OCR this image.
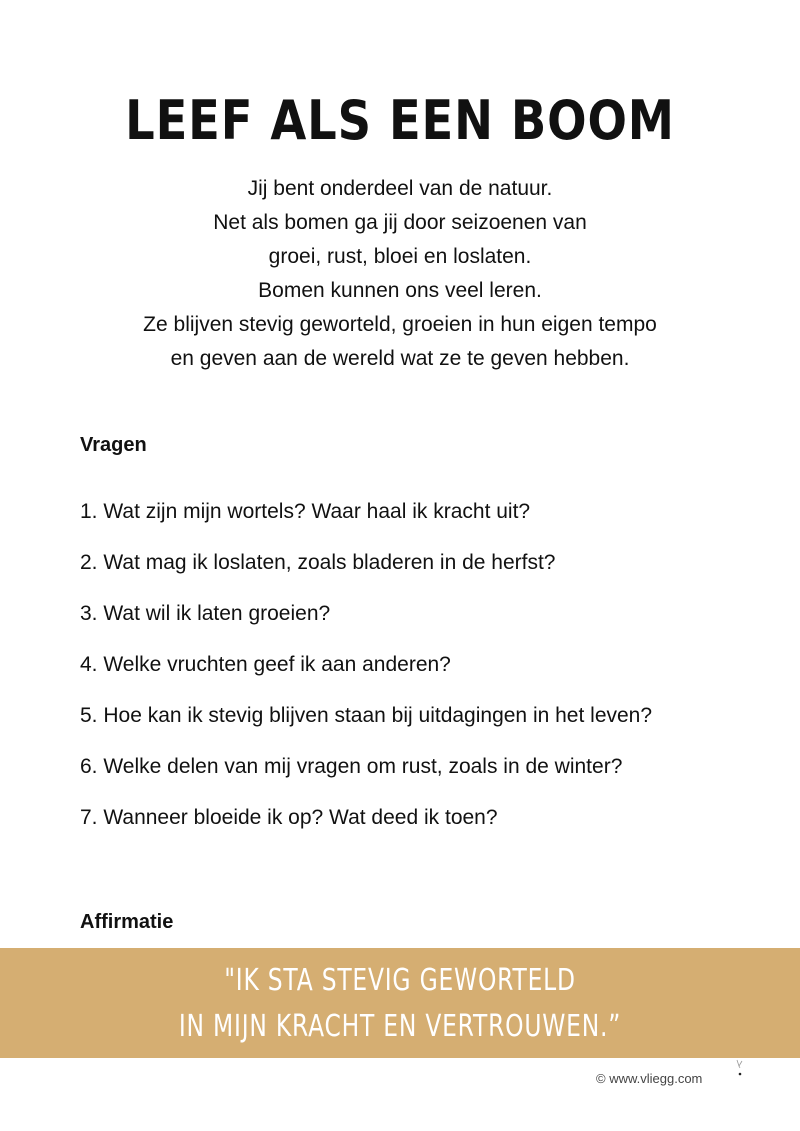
LEEF ALS EEN BOOM
Jij bent onderdeel van de natuur.
Net als bomen ga jij door seizoenen van
groei, rust, bloei en loslaten.
Bomen kunnen ons veel leren.
Ze blijven stevig geworteld, groeien in hun eigen tempo
en geven aan de wereld wat ze te geven hebben.
Vragen
1. Wat zijn mijn wortels? Waar haal ik kracht uit?
2. Wat mag ik loslaten, zoals bladeren in de herfst?
3. Wat wil ik laten groeien?
4. Welke vruchten geef ik aan anderen?
5. Hoe kan ik stevig blijven staan bij uitdagingen in het leven?
6. Welke delen van mij vragen om rust, zoals in de winter?
7. Wanneer bloeide ik op? Wat deed ik toen?
Affirmatie
"IK STA STEVIG GEWORTELD
IN MIJN KRACHT EN VERTROUWEN.”
© www.vliegg.com
